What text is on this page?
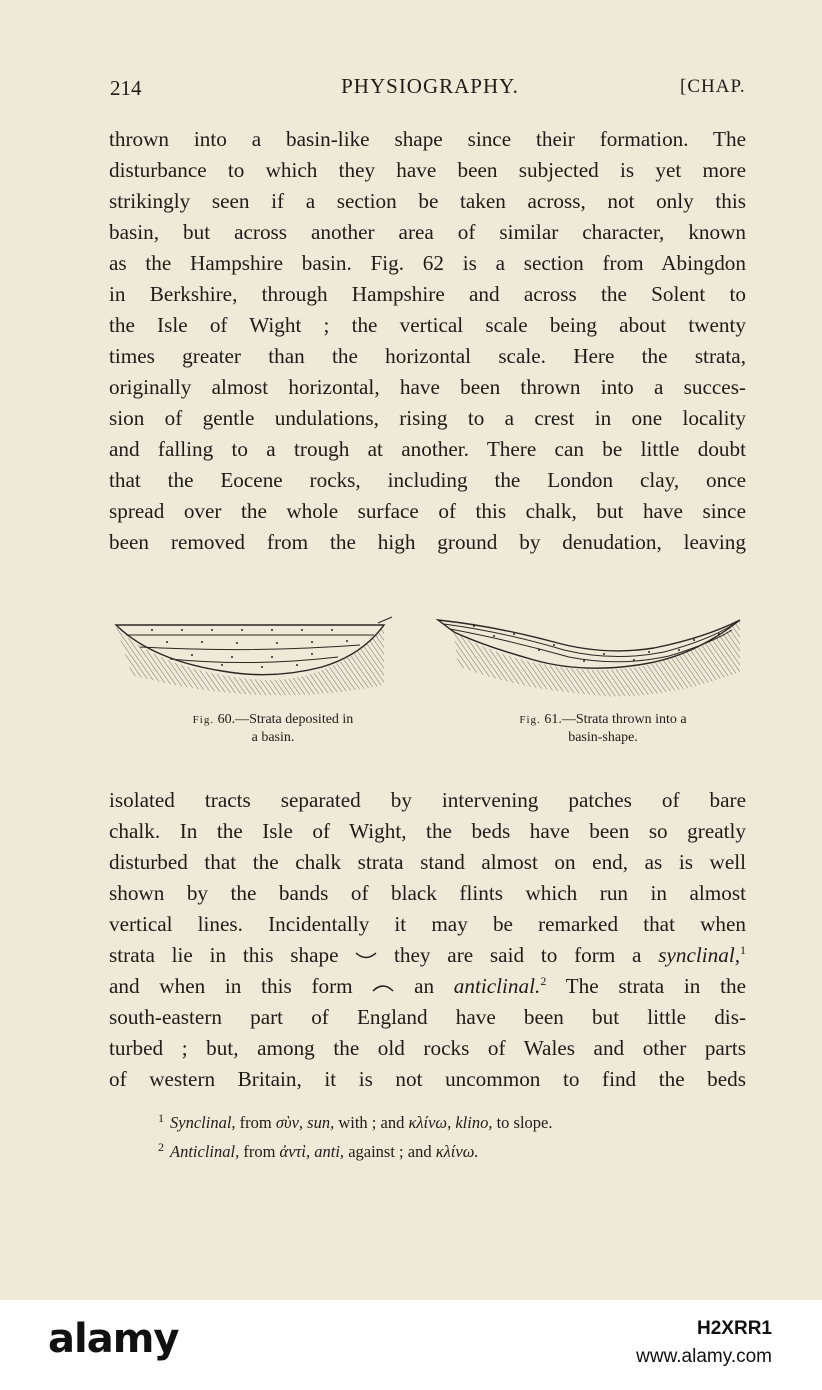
214	PHYSIOGRAPHY.	[CHAP.
thrown into a basin-like shape since their formation. The
disturbance to which they have been subjected is yet more
strikingly seen if a section be taken across, not only this
basin, but across another area of similar character, known
as the Hampshire basin. Fig. 62 is a section from Abingdon
in Berkshire, through Hampshire and across the Solent to
the Isle of Wight ; the vertical scale being about twenty
times greater than the horizontal scale. Here the strata,
originally almost horizontal, have been thrown into a succes-
sion of gentle undulations, rising to a crest in one locality
and falling to a trough at another. There can be little doubt
that the Eocene rocks, including the London clay, once
spread over the whole surface of this chalk, but have since
been removed from the high ground by denudation, leaving
Fig. 60.—Strata deposited in
a basin.
Fig. 61.—Strata thrown into a
basin-shape.
isolated tracts separated by intervening patches of bare
chalk. In the Isle of Wight, the beds have been so greatly
disturbed that the chalk strata stand almost on end, as is well
shown by the bands of black flints which run in almost
vertical lines. Incidentally it may be remarked that when
strata lie in this shape	they are said to form a synclinal,$^1$
and when in this form	an anticlinal.$^2$ The strata in the
south-eastern part of England have been but little dis-
turbed ; but, among the old rocks of Wales and other parts
of western Britain, it is not uncommon to find the beds
$^1$ Synclinal, from σὺν, sun, with ; and κλίνω, klino, to slope.
$^2$ Anticlinal, from ἀντὶ, anti, against ; and κλίνω.
alamy	H2XRR1
www.alamy.com
